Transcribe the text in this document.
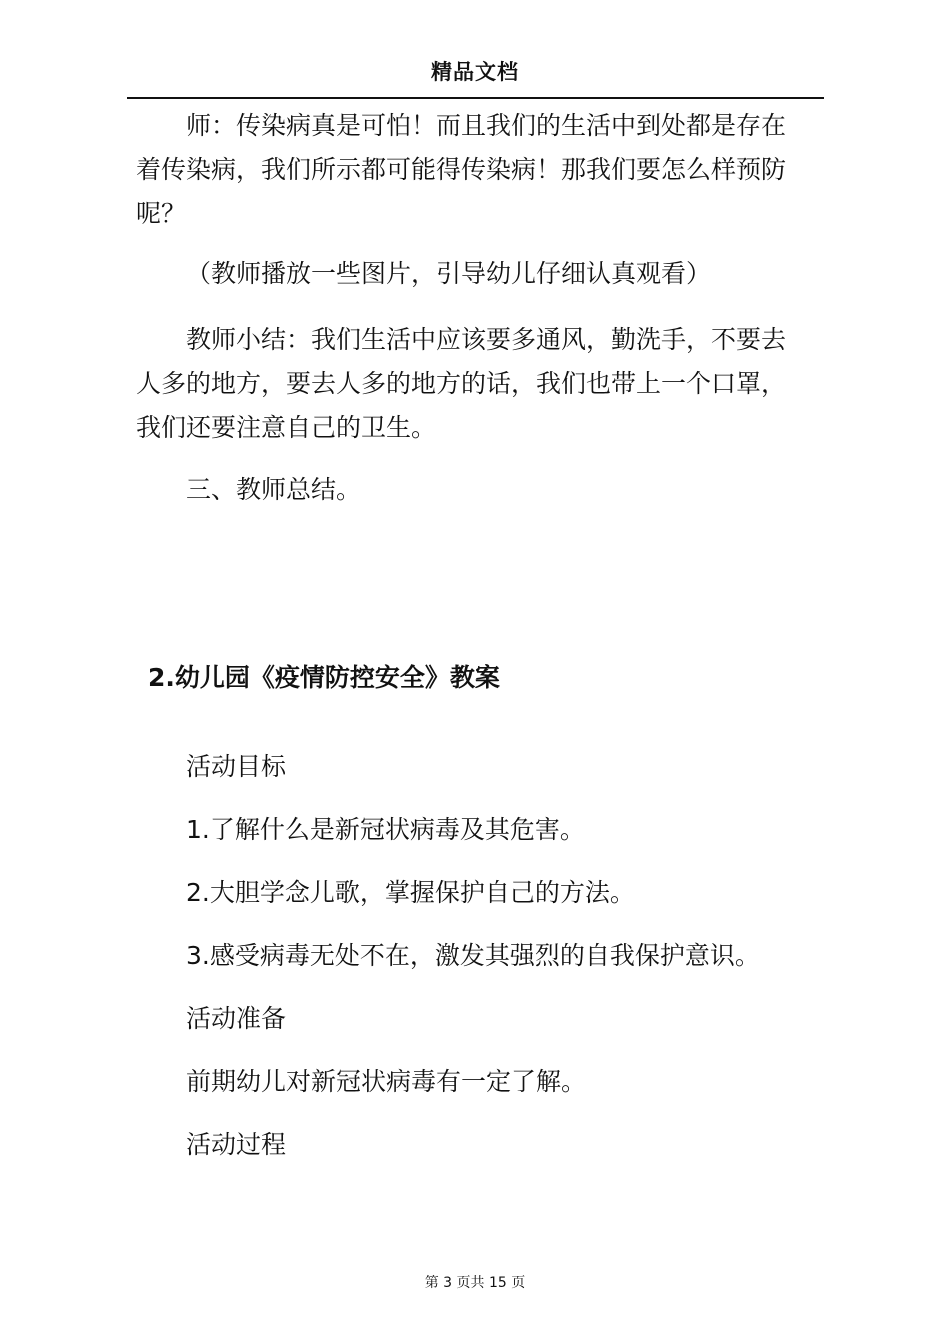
精品文档

师：传染病真是可怕！而且我们的生活中到处都是存在着传染病，我们所示都可能得传染病！那我们要怎么样预防呢？

（教师播放一些图片，引导幼儿仔细认真观看）

教师小结：我们生活中应该要多通风，勤洗手，不要去人多的地方，要去人多的地方的话，我们也带上一个口罩，我们还要注意自己的卫生。

三、教师总结。

2.幼儿园《疫情防控安全》教案

活动目标

1.了解什么是新冠状病毒及其危害。

2.大胆学念儿歌，掌握保护自己的方法。

3.感受病毒无处不在，激发其强烈的自我保护意识。

活动准备

前期幼儿对新冠状病毒有一定了解。

活动过程

第 3 页共 15 页
